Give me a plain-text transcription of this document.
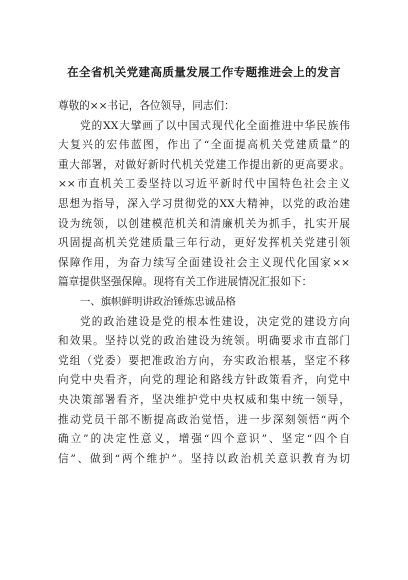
在全省机关党建高质量发展工作专题推进会上的发言
尊敬的××书记，各位领导，同志们：
党的XX大擘画了以中国式现代化全面推进中华民族伟
大复兴的宏伟蓝图，作出了“全面提高机关党建质量”的
重大部署，对做好新时代机关党建工作提出新的更高要求。
××市直机关工委坚持以习近平新时代中国特色社会主义
思想为指导，深入学习贯彻党的XX大精神，以党的政治建
设为统领，以创建模范机关和清廉机关为抓手，扎实开展
巩固提高机关党建质量三年行动，更好发挥机关党建引领
保障作用，为奋力续写全面建设社会主义现代化国家××
篇章提供坚强保障。现将有关工作进展情况汇报如下：
一、旗帜鲜明讲政治锤炼忠诚品格
党的政治建设是党的根本性建设，决定党的建设方向
和效果。坚持以党的政治建设为统领。明确要求市直部门
党组（党委）要把准政治方向，夯实政治根基，坚定不移
向党中央看齐，向党的理论和路线方针政策看齐，向党中
央决策部署看齐，坚决维护党中央权威和集中统一领导，
推动党员干部不断提高政治觉悟，进一步深刻领悟“两个
确立”的决定性意义，增强“四个意识”、坚定“四个自
信”、做到“两个维护”。坚持以政治机关意识教育为切
